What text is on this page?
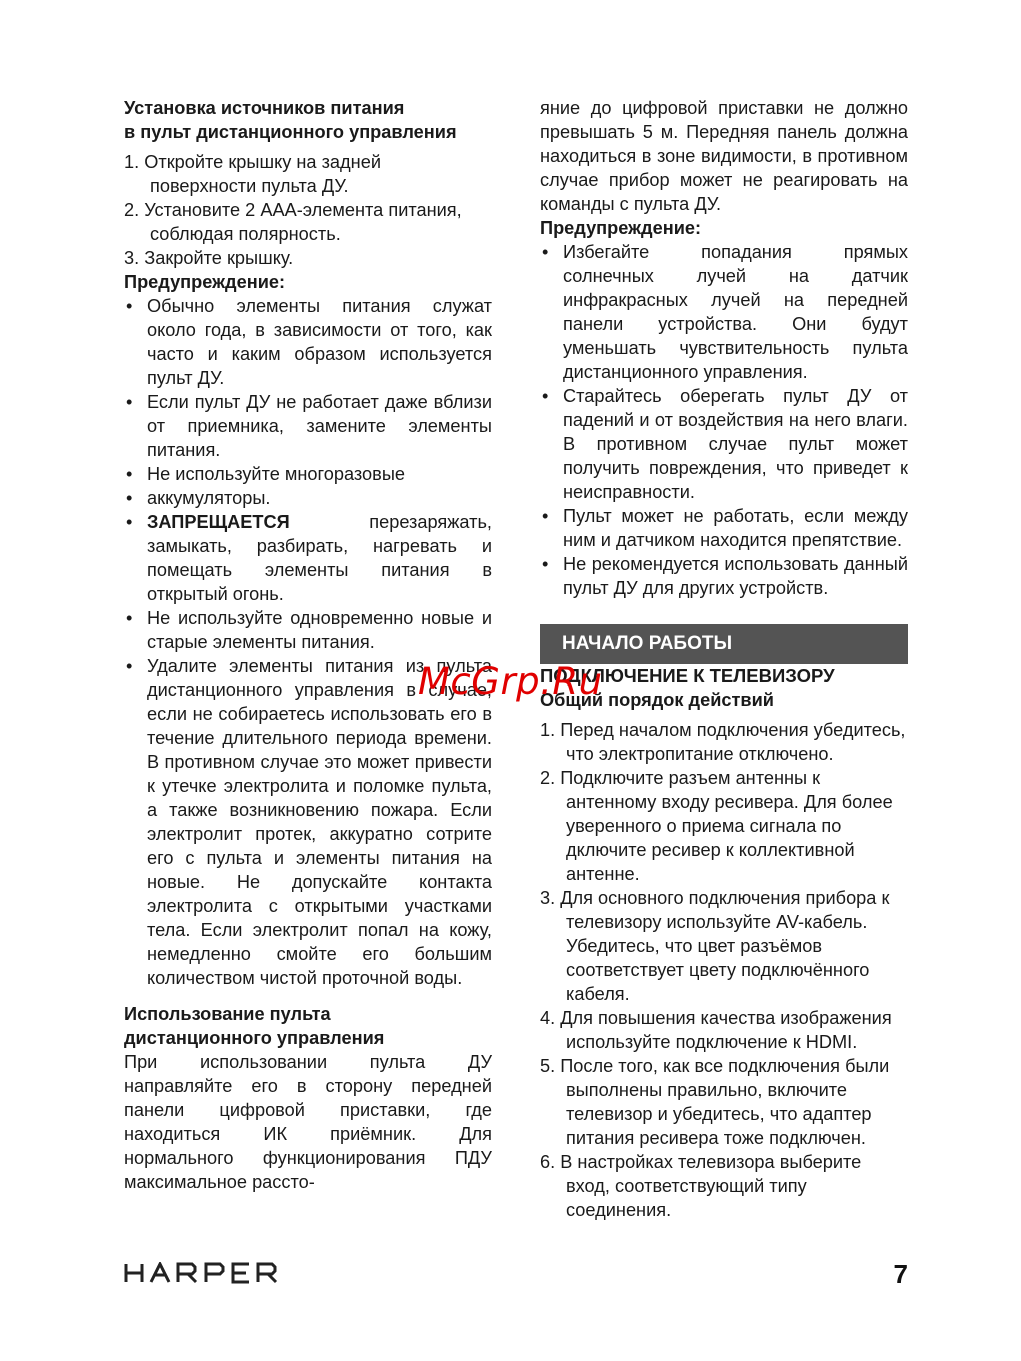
Установка источников питания

в пульт дистанционного управления

1. Откройте крышку на задней поверхности пульта ДУ.

2. Установите 2 ААА-элемента питания, соблюдая полярность.

3. Закройте крышку.

Предупреждение:

• Обычно элементы питания служат около года, в зависимости от того, как часто и каким образом используется пульт ДУ.
• Если пульт ДУ не работает даже вблизи от приемника, замените элементы питания.
• Не используйте многоразовые
• аккумуляторы.
• ЗАПРЕЩАЕТСЯ перезаряжать, замыкать, разбирать, нагревать и помещать элементы питания в открытый огонь.
• Не используйте одновременно новые и старые элементы питания.
• Удалите элементы питания из пульта дистанционного управления в случае, если не собираетесь использовать его в течение длительного периода времени. В противном случае это может привести к утечке электролита и поломке пульта, а также возникновению пожара. Если электролит протек, аккуратно сотрите его с пульта и элементы питания на новые. Не допускайте контакта электролита с открытыми участками тела. Если электролит попал на кожу, немедленно смойте его большим количеством чистой проточной воды.

Использование пульта

дистанционного управления

При использовании пульта ДУ направляйте его в сторону передней панели цифровой приставки, где находиться ИК приёмник. Для нормального функционирования ПДУ максимальное рассто-

яние до цифровой приставки не должно превышать 5 м. Передняя панель должна находиться в зоне видимости, в противном случае прибор может не реагировать на команды с пульта ДУ.

Предупреждение:

• Избегайте попадания прямых солнечных лучей на датчик инфракрасных лучей на передней панели устройства. Они будут уменьшать чувствительность пульта дистанционного управления.
• Старайтесь оберегать пульт ДУ от падений и от воздействия на него влаги. В противном случае пульт может получить повреждения, что приведет к неисправности.
• Пульт может не работать, если между ним и датчиком находится препятствие.
• Не рекомендуется использовать данный пульт ДУ для других устройств.
НАЧАЛО РАБОТЫ

ПОДКЛЮЧЕНИЕ К ТЕЛЕВИЗОРУ

Общий порядок действий

1. Перед началом подключения убедитесь, что электропитание отключено.

2. Подключите разъем антенны к антенному входу ресивера. Для более уверенного о приема сигнала по дключите ресивер к коллективной антенне.

3. Для основного подключения прибора к телевизору используйте AV-кабель. Убедитесь, что цвет разъёмов соответствует цвету подключённого кабеля.

4. Для повышения качества изображения используйте подключение к HDMI.

5. После того, как все подключения были выполнены правильно, включите телевизор и убедитесь, что адаптер питания ресивера тоже подключен.

6. В настройках телевизора выберите вход, соответствующий типу соединения.

7
McGrp.Ru
